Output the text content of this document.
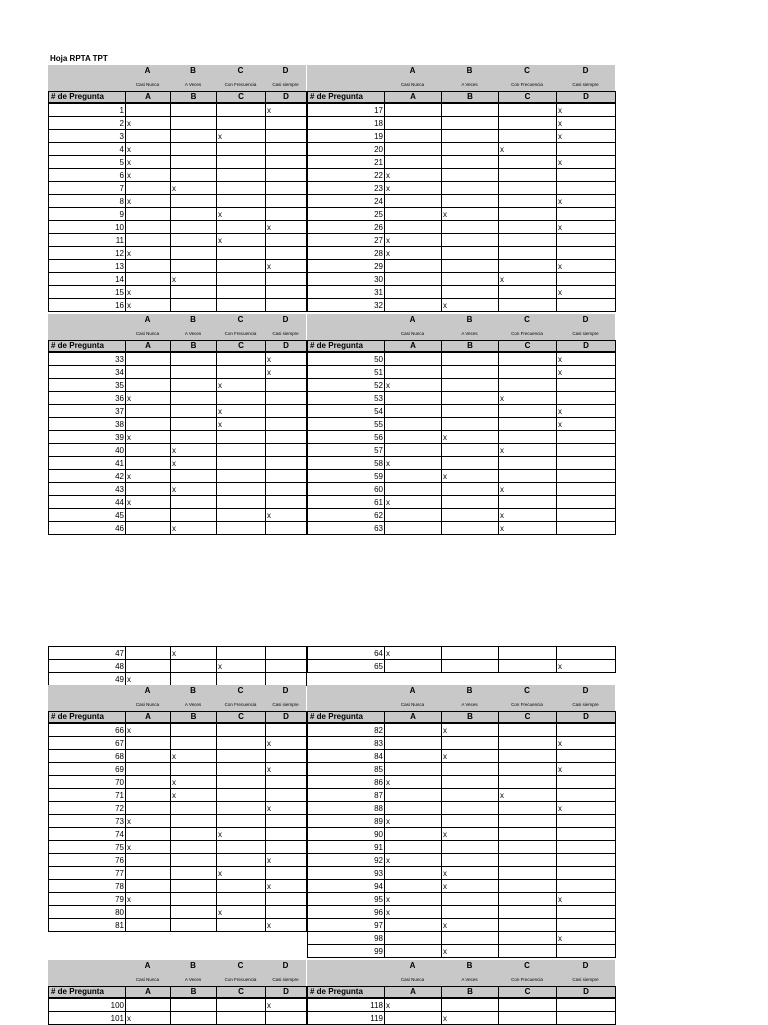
Hoja RPTA TPT
A
Casi Nunca
B
A Veces
C
Con Frecuencia
D
Casi siempre
# de Pregunta	A	B	C	D
A
Casi Nunca
B
A Veces
C
Con Frecuencia
D
Casi siempre
# de Pregunta	A	B	C	D
1				x
2	x			
3			x	
4	x			
5	x			
6	x			
7		x		
8	x			
9			x	
10				x
11			x	
12	x			
13				x
14		x		
15	x			
16	x			
17				x
18				x
19				x
20			x	
21				x
22	x			
23	x			
24				x
25		x		
26				x
27	x			
28	x			
29				x
30			x	
31				x
32		x		
A
Casi Nunca
B
A Veces
C
Con Frecuencia
D
Casi siempre
# de Pregunta	A	B	C	D
A
Casi Nunca
B
A Veces
C
Con Frecuencia
D
Casi siempre
# de Pregunta	A	B	C	D
33				x
34				x
35			x	
36	x			
37			x	
38			x	
39	x			
40		x		
41		x		
42	x			
43		x		
44	x			
45				x
46		x		
50				x
51				x
52	x			
53			x	
54				x
55				x
56		x		
57			x	
58	x			
59		x		
60			x	
61	x			
62			x	
63			x	
47		x		
48			x	
49	x			
64	x			
65				x
A
Casi Nunca
B
A Veces
C
Con Frecuencia
D
Casi siempre
# de Pregunta	A	B	C	D
A
Casi Nunca
B
A Veces
C
Con Frecuencia
D
Casi siempre
# de Pregunta	A	B	C	D
66	x			
67				x
68		x		
69				x
70		x		
71		x		
72				x
73	x			
74			x	
75	x			
76				x
77			x	
78				x
79	x			
80			x	
81				x
82		x		
83				x
84		x		
85				x
86	x			
87			x	
88				x
89	x			
90		x		
91				
92	x			
93		x		
94		x		
95	x			x
96	x			
97		x		
98				x
99		x		
A
Casi Nunca
B
A Veces
C
Con Frecuencia
D
Casi siempre
# de Pregunta	A	B	C	D
A
Casi Nunca
B
A Veces
C
Con Frecuencia
D
Casi siempre
# de Pregunta	A	B	C	D
100				x
101	x			
118	x			
119		x		
